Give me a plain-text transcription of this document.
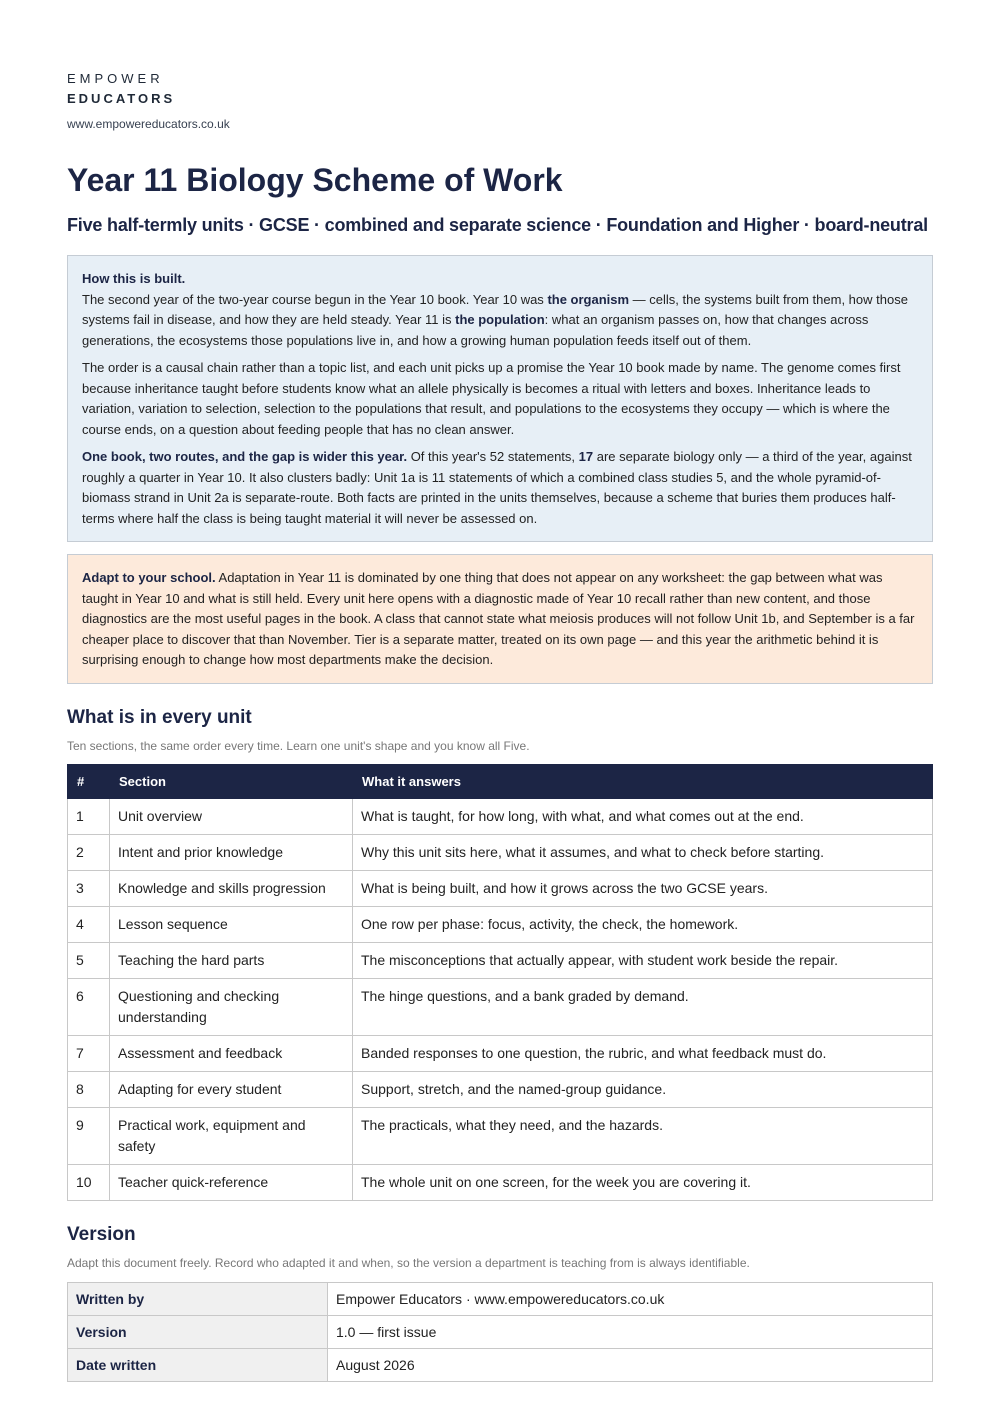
EMPOWER
EDUCATORS
www.empowereducators.co.uk
Year 11 Biology Scheme of Work
Five half-termly units · GCSE · combined and separate science · Foundation and Higher · board-neutral

How this is built.
The second year of the two-year course begun in the Year 10 book. Year 10 was the organism — cells, the systems built from them, how those systems fail in disease, and how they are held steady. Year 11 is the population: what an organism passes on, how that changes across generations, the ecosystems those populations live in, and how a growing human population feeds itself out of them.

The order is a causal chain rather than a topic list, and each unit picks up a promise the Year 10 book made by name. The genome comes first because inheritance taught before students know what an allele physically is becomes a ritual with letters and boxes. Inheritance leads to variation, variation to selection, selection to the populations that result, and populations to the ecosystems they occupy — which is where the course ends, on a question about feeding people that has no clean answer.

One book, two routes, and the gap is wider this year. Of this year's 52 statements, 17 are separate biology only — a third of the year, against roughly a quarter in Year 10. It also clusters badly: Unit 1a is 11 statements of which a combined class studies 5, and the whole pyramid-of-biomass strand in Unit 2a is separate-route. Both facts are printed in the units themselves, because a scheme that buries them produces half-terms where half the class is being taught material it will never be assessed on.

Adapt to your school. Adaptation in Year 11 is dominated by one thing that does not appear on any worksheet: the gap between what was taught in Year 10 and what is still held. Every unit here opens with a diagnostic made of Year 10 recall rather than new content, and those diagnostics are the most useful pages in the book. A class that cannot state what meiosis produces will not follow Unit 1b, and September is a far cheaper place to discover that than November. Tier is a separate matter, treated on its own page — and this year the arithmetic behind it is surprising enough to change how most departments make the decision.

What is in every unit
Ten sections, the same order every time. Learn one unit's shape and you know all Five.
#	Section	What it answers
1	Unit overview	What is taught, for how long, with what, and what comes out at the end.
2	Intent and prior knowledge	Why this unit sits here, what it assumes, and what to check before starting.
3	Knowledge and skills progression	What is being built, and how it grows across the two GCSE years.
4	Lesson sequence	One row per phase: focus, activity, the check, the homework.
5	Teaching the hard parts	The misconceptions that actually appear, with student work beside the repair.
6	Questioning and checking understanding	The hinge questions, and a bank graded by demand.
7	Assessment and feedback	Banded responses to one question, the rubric, and what feedback must do.
8	Adapting for every student	Support, stretch, and the named-group guidance.
9	Practical work, equipment and safety	The practicals, what they need, and the hazards.
10	Teacher quick-reference	The whole unit on one screen, for the week you are covering it.
Version
Adapt this document freely. Record who adapted it and when, so the version a department is teaching from is always identifiable.
Written by	Empower Educators · www.empowereducators.co.uk
Version	1.0 — first issue
Date written	August 2026
